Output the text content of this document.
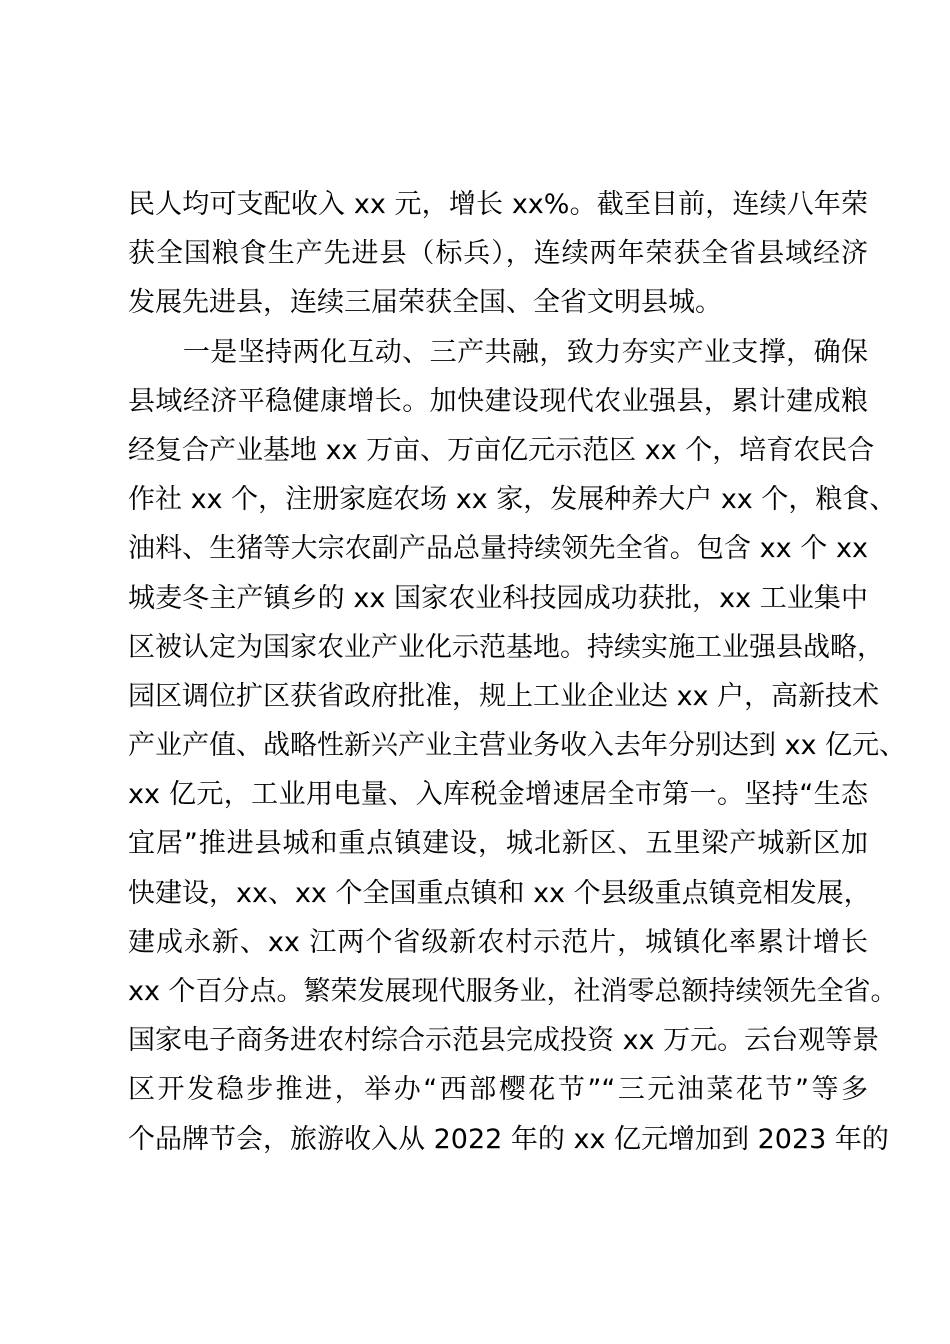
民人均可支配收入 xx 元，增长 xx%。截至目前，连续八年荣
获全国粮食生产先进县（标兵），连续两年荣获全省县域经济
发展先进县，连续三届荣获全国、全省文明县城。
　　一是坚持两化互动、三产共融，致力夯实产业支撑，确保
县域经济平稳健康增长。加快建设现代农业强县，累计建成粮
经复合产业基地 xx 万亩、万亩亿元示范区 xx 个，培育农民合
作社 xx 个，注册家庭农场 xx 家，发展种养大户 xx 个，粮食、
油料、生猪等大宗农副产品总量持续领先全省。包含 xx 个 xx
城麦冬主产镇乡的 xx 国家农业科技园成功获批，xx 工业集中
区被认定为国家农业产业化示范基地。持续实施工业强县战略，
园区调位扩区获省政府批准，规上工业企业达 xx 户，高新技术
产业产值、战略性新兴产业主营业务收入去年分别达到 xx 亿元、
xx 亿元，工业用电量、入库税金增速居全市第一。坚持“生态
宜居”推进县城和重点镇建设，城北新区、五里梁产城新区加
快建设，xx、xx 个全国重点镇和 xx 个县级重点镇竞相发展，
建成永新、xx 江两个省级新农村示范片，城镇化率累计增长
xx 个百分点。繁荣发展现代服务业，社消零总额持续领先全省。
国家电子商务进农村综合示范县完成投资 xx 万元。云台观等景
区开发稳步推进，举办“西部樱花节”“三元油菜花节”等多
个品牌节会，旅游收入从 2022 年的 xx 亿元增加到 2023 年的
